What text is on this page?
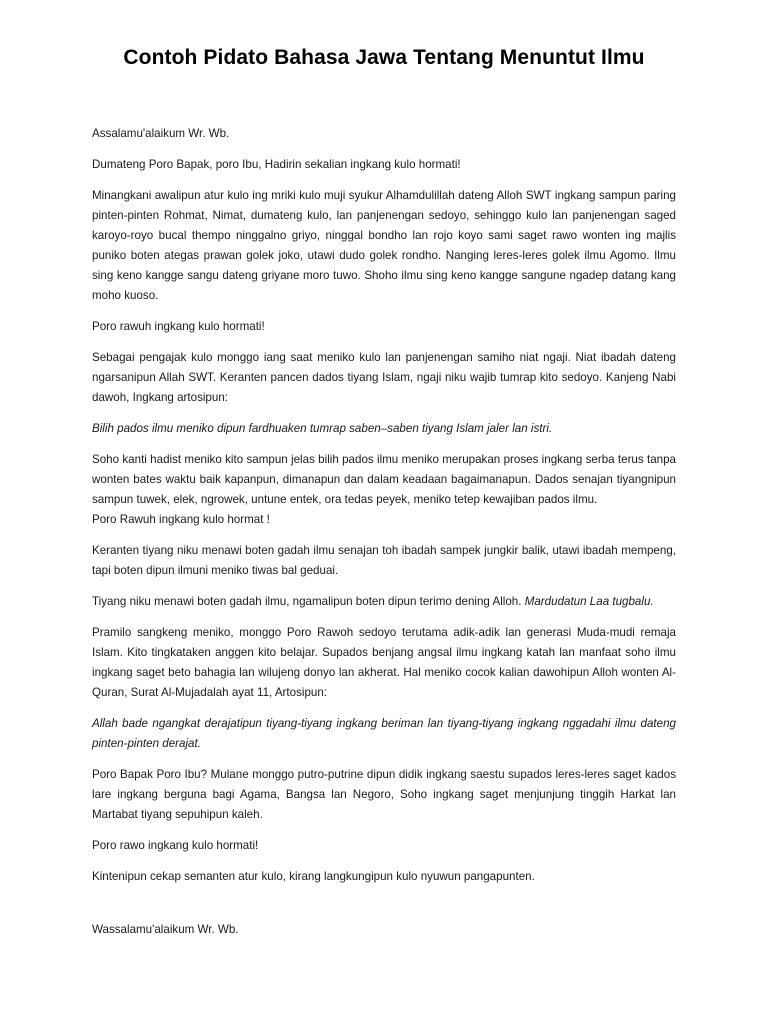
Contoh Pidato Bahasa Jawa Tentang Menuntut Ilmu

Assalamu'alaikum Wr. Wb.

Dumateng Poro Bapak, poro Ibu, Hadirin sekalian ingkang kulo hormati!

Minangkani awalipun atur kulo ing mriki kulo muji syukur Alhamdulillah dateng Alloh SWT ingkang sampun paring pinten-pinten Rohmat, Nimat, dumateng kulo, lan panjenengan sedoyo, sehinggo kulo lan panjenengan saged karoyo-royo bucal thempo ninggalno griyo, ninggal bondho lan rojo koyo sami saget rawo wonten ing majlis puniko boten ategas prawan golek joko, utawi dudo golek rondho. Nanging leres-leres golek ilmu Agomo. Ilmu sing keno kangge sangu dateng griyane moro tuwo. Shoho ilmu sing keno kangge sangune ngadep datang kang moho kuoso.

Poro rawuh ingkang kulo hormati!

Sebagai pengajak kulo monggo iang saat meniko kulo lan panjenengan samiho niat ngaji. Niat ibadah dateng ngarsanipun Allah SWT. Keranten pancen dados tiyang Islam, ngaji niku wajib tumrap kito sedoyo. Kanjeng Nabi dawoh, Ingkang artosipun:

Bilih pados ilmu meniko dipun fardhuaken tumrap saben–saben tiyang Islam jaler lan istri.

Soho kanti hadist meniko kito sampun jelas bilih pados ilmu meniko merupakan proses ingkang serba terus tanpa wonten bates waktu baik kapanpun, dimanapun dan dalam keadaan bagaimanapun. Dados senajan tiyangnipun sampun tuwek, elek, ngrowek, untune entek, ora tedas peyek, meniko tetep kewajiban pados ilmu.

Poro Rawuh ingkang kulo hormat !

Keranten tiyang niku menawi boten gadah ilmu senajan toh ibadah sampek jungkir balik, utawi ibadah mempeng, tapi boten dipun ilmuni meniko tiwas bal geduai.

Tiyang niku menawi boten gadah ilmu, ngamalipun boten dipun terimo dening Alloh. Mardudatun Laa tugbalu.

Pramilo sangkeng meniko, monggo Poro Rawoh sedoyo terutama adik-adik lan generasi Muda-mudi remaja Islam. Kito tingkataken anggen kito belajar. Supados benjang angsal ilmu ingkang katah lan manfaat soho ilmu ingkang saget beto bahagia lan wilujeng donyo lan akherat. Hal meniko cocok kalian dawohipun Alloh wonten Al-Quran, Surat Al-Mujadalah ayat 11, Artosipun:

Allah bade ngangkat derajatipun tiyang-tiyang ingkang beriman lan tiyang-tiyang ingkang nggadahi ilmu dateng pinten-pinten derajat.

Poro Bapak Poro Ibu? Mulane monggo putro-putrine dipun didik ingkang saestu supados leres-leres saget kados lare ingkang berguna bagi Agama, Bangsa lan Negoro, Soho ingkang saget menjunjung tinggih Harkat lan Martabat tiyang sepuhipun kaleh.

Poro rawo ingkang kulo hormati!

Kintenipun cekap semanten atur kulo, kirang langkungipun kulo nyuwun pangapunten.

Wassalamu'alaikum Wr. Wb.
